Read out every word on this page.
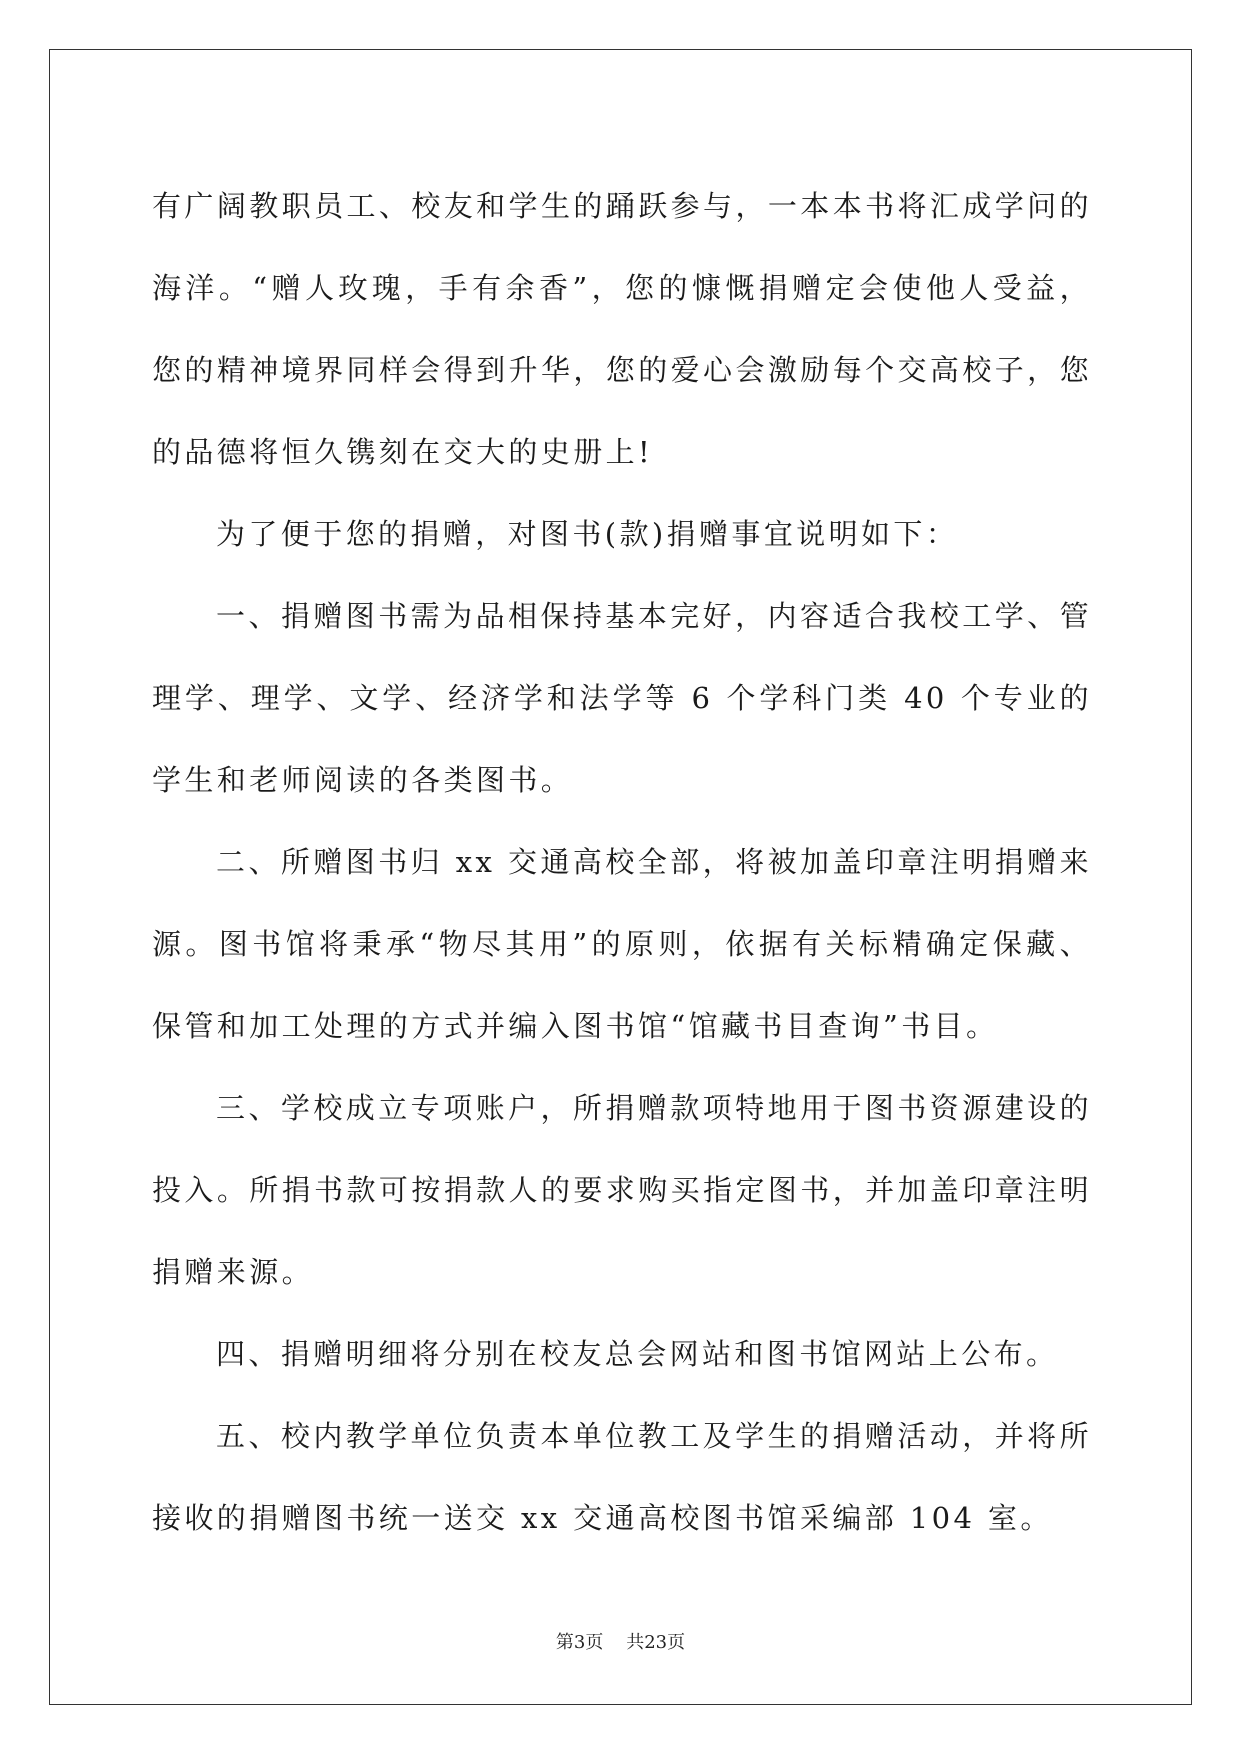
有广阔教职员工、校友和学生的踊跃参与，一本本书将汇成学问的海洋。“赠人玫瑰，手有余香”，您的慷慨捐赠定会使他人受益，您的精神境界同样会得到升华，您的爱心会激励每个交高校子，您的品德将恒久镌刻在交大的史册上!

为了便于您的捐赠，对图书(款)捐赠事宜说明如下：

一、捐赠图书需为品相保持基本完好，内容适合我校工学、管理学、理学、文学、经济学和法学等 6 个学科门类 40 个专业的学生和老师阅读的各类图书。

二、所赠图书归 xx 交通高校全部，将被加盖印章注明捐赠来源。图书馆将秉承“物尽其用”的原则，依据有关标精确定保藏、保管和加工处理的方式并编入图书馆“馆藏书目查询”书目。

三、学校成立专项账户，所捐赠款项特地用于图书资源建设的投入。所捐书款可按捐款人的要求购买指定图书，并加盖印章注明捐赠来源。

四、捐赠明细将分别在校友总会网站和图书馆网站上公布。

五、校内教学单位负责本单位教工及学生的捐赠活动，并将所接收的捐赠图书统一送交 xx 交通高校图书馆采编部 104 室。

第3页 共23页
